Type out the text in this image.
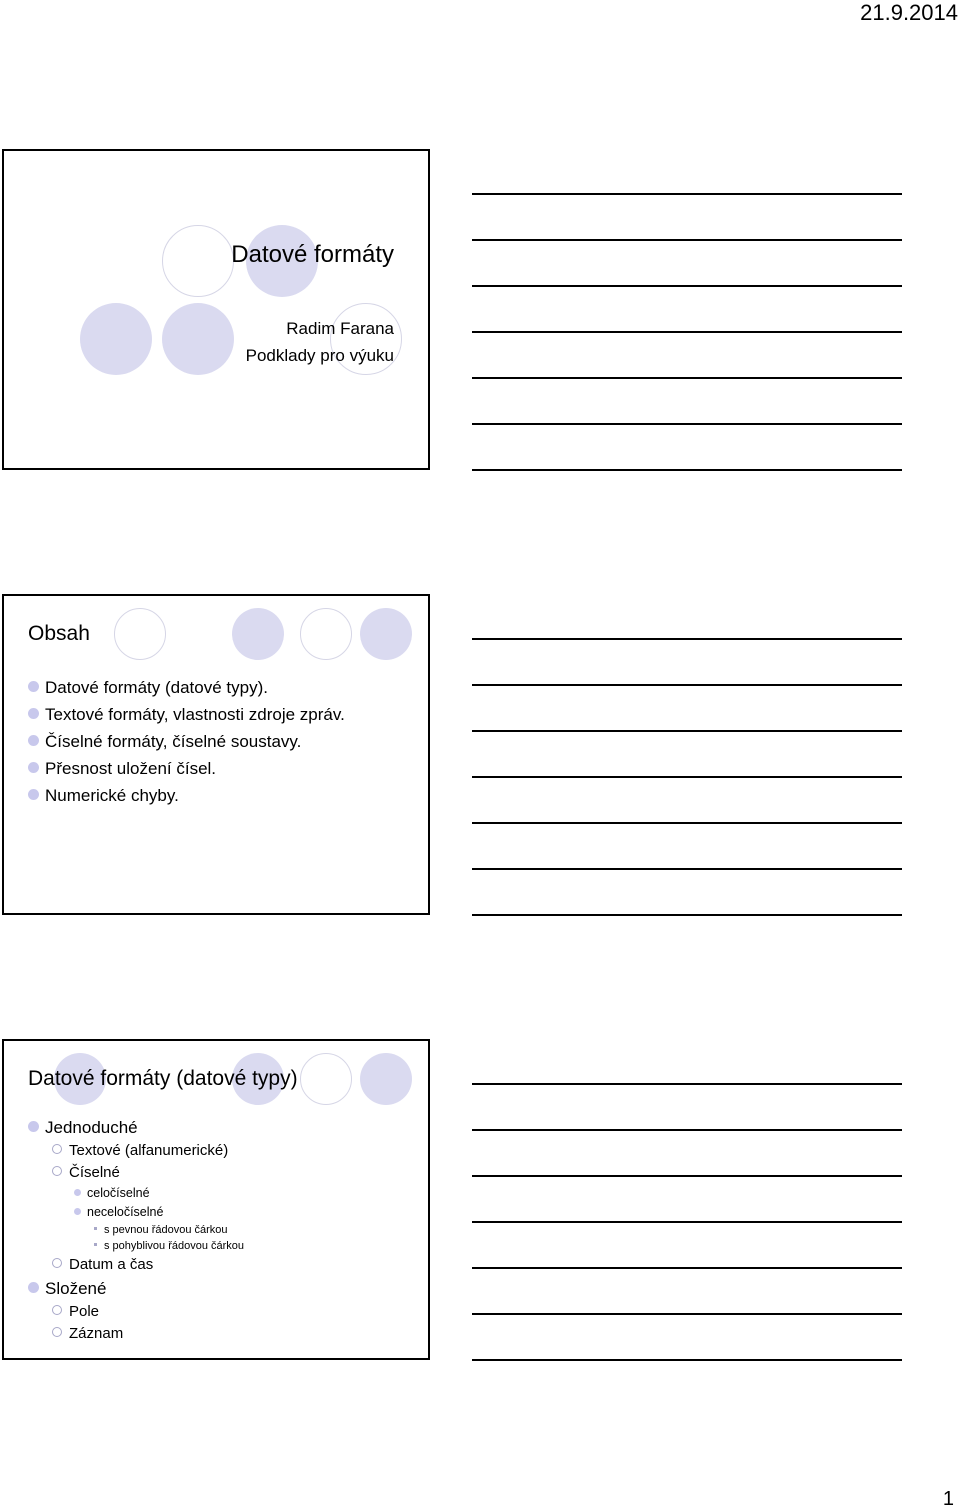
21.9.2014
Datové formáty
Radim Farana
Podklady pro výuku
Obsah
Datové formáty (datové typy).
Textové formáty, vlastnosti zdroje zpráv.
Číselné formáty, číselné soustavy.
Přesnost uložení čísel.
Numerické chyby.
Datové formáty (datové typy)
Jednoduché
Textové (alfanumerické)
Číselné
celočíselné
neceločíselné
s pevnou řádovou čárkou
s pohyblivou řádovou čárkou
Datum a čas
Složené
Pole
Záznam
1
